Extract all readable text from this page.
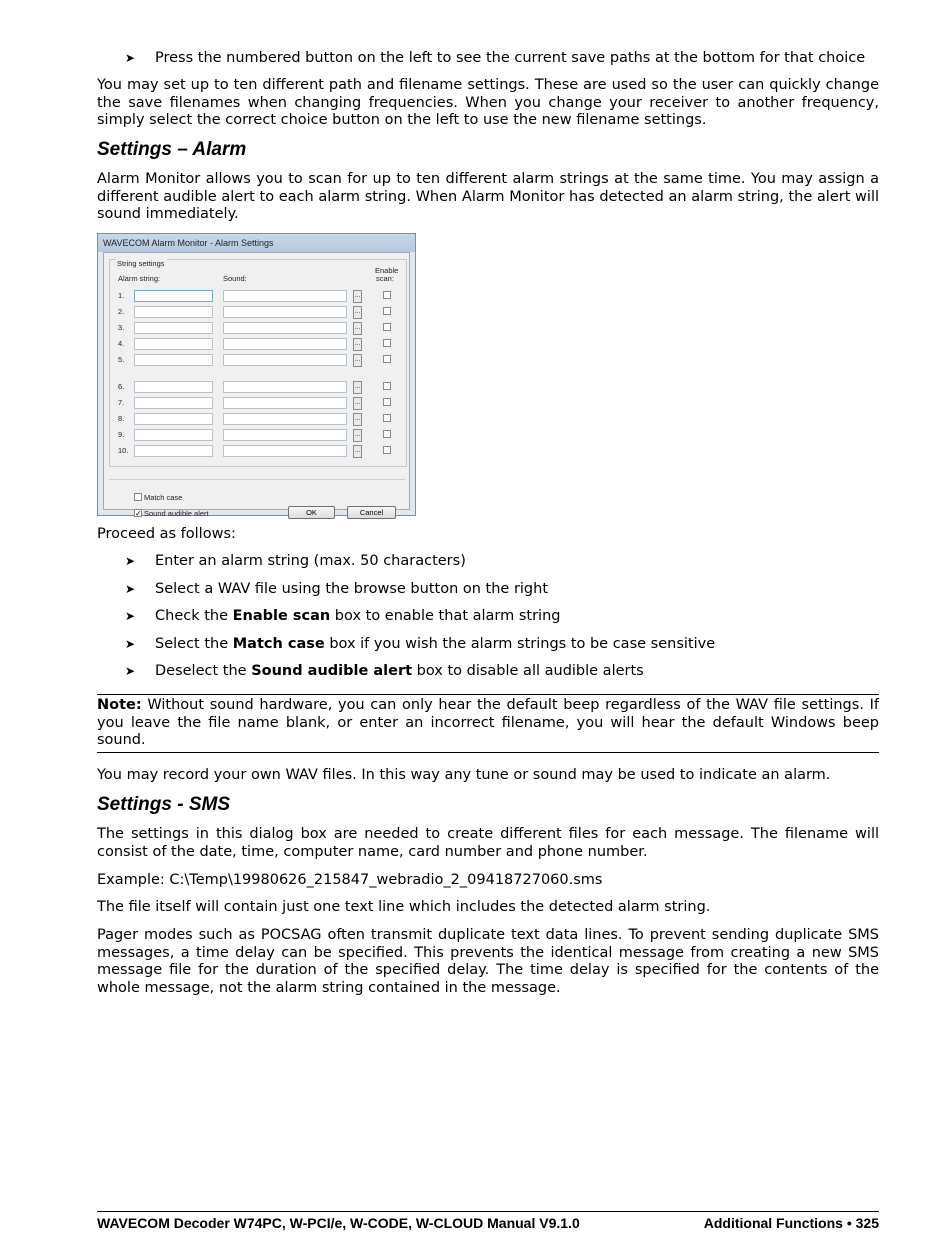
➤ Press the numbered button on the left to see the current save paths at the bottom for that choice

You may set up to ten different path and filename settings. These are used so the user can quickly change the save filenames when changing frequencies. When you change your receiver to another frequency, simply select the correct choice button on the left to use the new filename settings.

Settings – Alarm

Alarm Monitor allows you to scan for up to ten different alarm strings at the same time. You may assign a different audible alert to each alarm string. When Alarm Monitor has detected an alarm string, the alert will sound immediately.

Proceed as follows:

➤ Enter an alarm string (max. 50 characters)
➤ Select a WAV file using the browse button on the right
➤ Check the Enable scan box to enable that alarm string
➤ Select the Match case box if you wish the alarm strings to be case sensitive
➤ Deselect the Sound audible alert box to disable all audible alerts

Note: Without sound hardware, you can only hear the default beep regardless of the WAV file settings. If you leave the file name blank, or enter an incorrect filename, you will hear the default Windows beep sound.

You may record your own WAV files. In this way any tune or sound may be used to indicate an alarm.

Settings - SMS

The settings in this dialog box are needed to create different files for each message. The filename will consist of the date, time, computer name, card number and phone number.

Example: C:\Temp\19980626_215847_webradio_2_09418727060.sms

The file itself will contain just one text line which includes the detected alarm string.

Pager modes such as POCSAG often transmit duplicate text data lines. To prevent sending duplicate SMS messages, a time delay can be specified. This prevents the identical message from creating a new SMS message file for the duration of the specified delay. The time delay is specified for the contents of the whole message, not the alarm string contained in the message.

WAVECOM Alarm Monitor - Alarm Settings
String settings
Alarm string:	Sound:
Enable
scan:
1.	...
2.	...
3.	...
4.	...
5.	...
6.	...
7.	...
8.	...
9.	...
10.	...
Match case
✓ Sound audible alert	OK	Cancel
WAVECOM Decoder W74PC, W-PCI/e, W-CODE, W-CLOUD Manual V9.1.0	Additional Functions • 325
